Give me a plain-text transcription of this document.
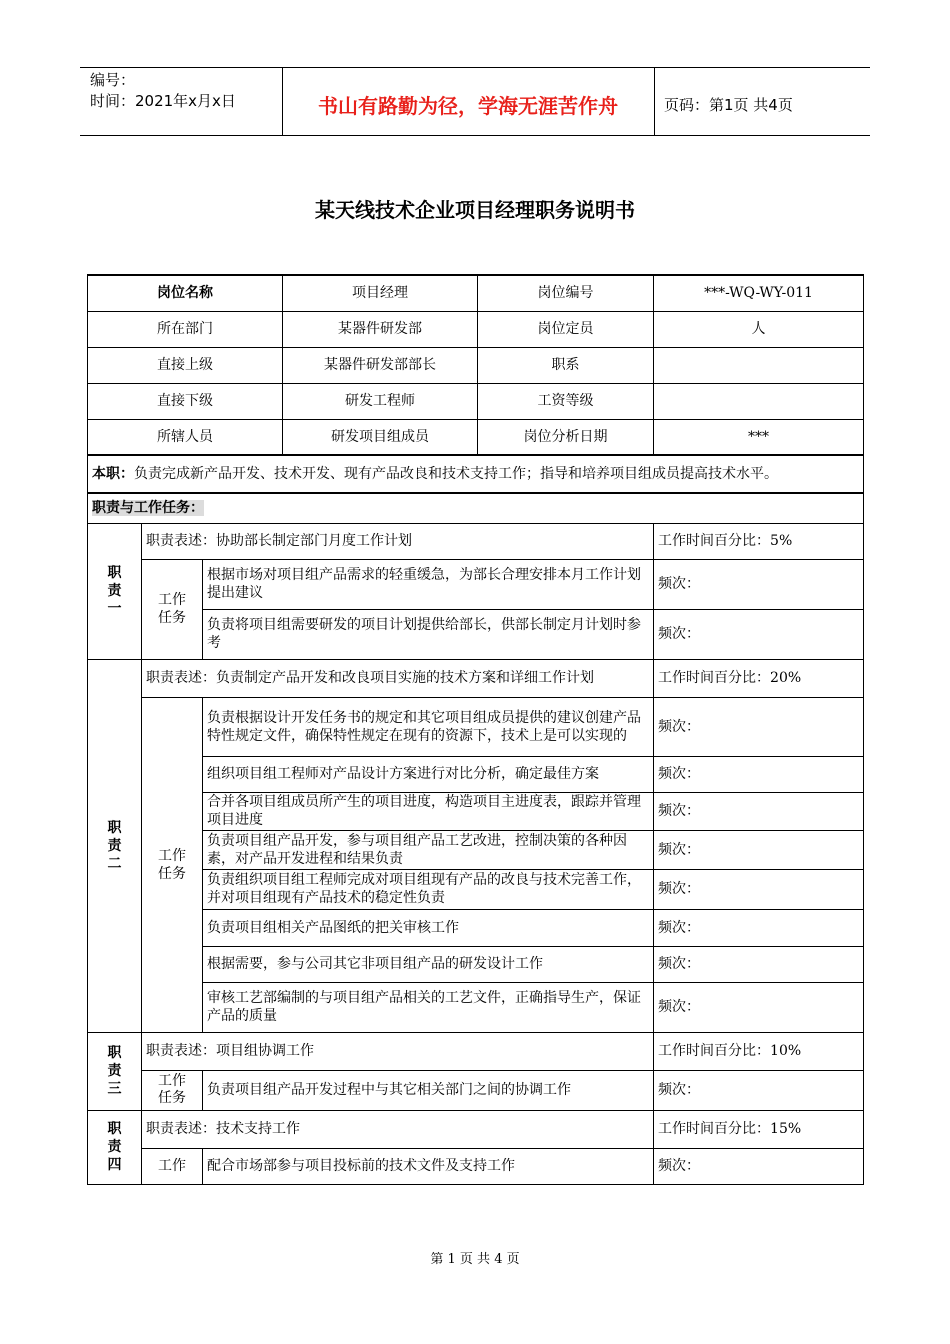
编号：
时间：2021年x月x日	书山有路勤为径，学海无涯苦作舟	页码：第1页 共4页
某天线技术企业项目经理职务说明书
岗位名称			项目经理	岗位编号	***-WQ-WY-011
所在部门			某器件研发部	岗位定员	人
直接上级			某器件研发部部长	职系	
直接下级			研发工程师	工资等级	
所辖人员			研发项目组成员	岗位分析日期	***
本职：负责完成新产品开发、技术开发、现有产品改良和技术支持工作；指导和培养项目组成员提高技术水平。					
职责与工作任务：					
职责一	职责表述：协助部长制定部门月度工作计划				工作时间百分比：5%
	工作任务	根据市场对项目组产品需求的轻重缓急，为部长合理安排本月工作计划提出建议			频次：
		负责将项目组需要研发的项目计划提供给部长，供部长制定月计划时参考			频次：
职责二	职责表述：负责制定产品开发和改良项目实施的技术方案和详细工作计划				工作时间百分比：20%
	工作任务	负责根据设计开发任务书的规定和其它项目组成员提供的建议创建产品特性规定文件，确保特性规定在现有的资源下，技术上是可以实现的			频次：
		组织项目组工程师对产品设计方案进行对比分析，确定最佳方案			频次：
		合并各项目组成员所产生的项目进度，构造项目主进度表，跟踪并管理项目进度			频次：
		负责项目组产品开发，参与项目组产品工艺改进，控制决策的各种因素，对产品开发进程和结果负责			频次：
		负责组织项目组工程师完成对项目组现有产品的改良与技术完善工作，并对项目组现有产品技术的稳定性负责			频次：
		负责项目组相关产品图纸的把关审核工作			频次：
		根据需要，参与公司其它非项目组产品的研发设计工作			频次：
		审核工艺部编制的与项目组产品相关的工艺文件，正确指导生产，保证产品的质量			频次：
职责三	职责表述：项目组协调工作				工作时间百分比：10%
	工作任务	负责项目组产品开发过程中与其它相关部门之间的协调工作			频次：
职责四	职责表述：技术支持工作				工作时间百分比：15%
	工作	配合市场部参与项目投标前的技术文件及支持工作			频次：
第 1 页 共 4 页
